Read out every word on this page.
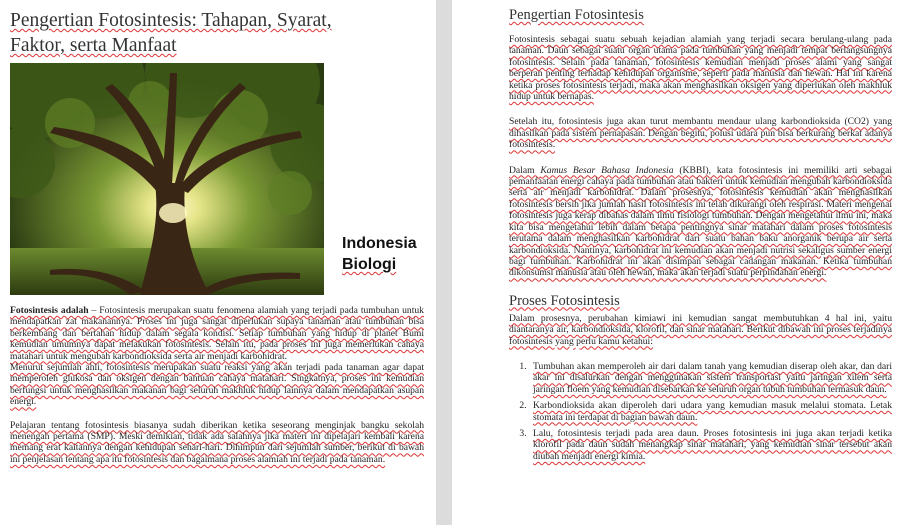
Pengertian Fotosintesis: Tahapan, Syarat,
Faktor, serta Manfaat
Indonesia
Biologi

Fotosintesis adalah – Fotosintesis merupakan suatu fenomena alamiah yang terjadi pada tumbuhan untuk mendapatkan zat makanannya. Proses ini juga sangat diperlukan supaya tanaman atau tumbuhan bisa berkembang dan bertahan hidup dalam segala kondisi. Setiap tumbuhan yang hidup di planet Bumi kemudian umumnya dapat melakukan fotosintesis. Selain itu, pada proses ini juga memerlukan cahaya matahari untuk mengubah karbondioksida serta air menjadi karbohidrat.

Menurut sejumlah ahli, fotosintesis merupakan suatu reaksi yang akan terjadi pada tanaman agar dapat memperoleh glukosa dan oksigen dengan bantuan cahaya matahari. Singkatnya, proses ini kemudian berfungsi untuk menghasilkan makanan bagi seluruh makhluk hidup lainnya dalam mendapatkan asupan energi.

Pelajaran tentang fotosintesis biasanya sudah diberikan ketika seseorang menginjak bangku sekolah menengah pertama (SMP). Meski demikian, tidak ada salahnya jika materi ini dipelajari kembali karena memang erat kaitannya dengan kehidupan sehari-hari. Dihimpun dari sejumlah sumber, berikut di bawah ini penjelasan tentang apa itu fotosintesis dan bagaimana proses alamiah ini terjadi pada tanaman.

Pengertian Fotosintesis

Fotosintesis sebagai suatu sebuah kejadian alamiah yang terjadi secara berulang-ulang pada tanaman. Daun sebagai suatu organ utama pada tumbuhan yang menjadi tempat berlangsungnya fotosintesis. Selain pada tanaman, fotosintesis kemudian menjadi proses alami yang sangat berperan penting terhadap kehidupan organisme, seperti pada manusia dan hewan. Hal ini karena ketika proses fotosintesis terjadi, maka akan menghasilkan oksigen yang diperlukan oleh makhluk hidup untuk bernapas.

Setelah itu, fotosintesis juga akan turut membantu mendaur ulang karbondioksida (CO2) yang dihasilkan pada sistem pernapasan. Dengan begitu, polusi udara pun bisa berkurang berkat adanya fotosintesis.

Dalam Kamus Besar Bahasa Indonesia (KBBI), kata fotosintesis ini memiliki arti sebagai pemanfaatan energi cahaya pada tumbuhan atau bakteri untuk kemudian mengubah karbondioksida serta air menjadi karbohidrat. Dalam prosesnya, fotosintesis kemudian akan menghasilkan fotosintesis bersih jika jumlah hasil fotosintesis ini telah dikurangi oleh respirasi. Materi mengenai fotosintesis juga kerap dibahas dalam ilmu fisiologi tumbuhan. Dengan mengetahui ilmu ini, maka kita bisa mengetahui lebih dalam betapa pentingnya sinar matahari dalam proses fotosintesis terutama dalam menghasilkan karbohidrat dari suatu bahan baku anorganik berupa air serta karbondioksida. Nantinya, karbohidrat ini kemudian akan menjadi nutrisi sekaligus sumber energi bagi tumbuhan. Karbohidrat ini akan disimpan sebagai cadangan makanan. Ketika tumbuhan dikonsumsi manusia atau oleh hewan, maka akan terjadi suatu perpindahan energi.

Proses Fotosintesis

Dalam prosesnya, perubahan kimiawi ini kemudian sangat membutuhkan 4 hal ini, yaitu diantaranya air, karbondioksida, klorofil, dan sinar matahari. Berikut dibawah ini proses terjadinya fotosintesis yang perlu kamu ketahui:

1. Tumbuhan akan memperoleh air dari dalam tanah yang kemudian diserap oleh akar, dan dari akar ini disalurkan dengan menggunakan sistem transportasi yaitu jaringan xilem serta jaringan floem yang kemudian disebarkan ke seluruh organ tubuh tumbuhan termasuk daun.
2. Karbondioksida akan diperoleh dari udara yang kemudian masuk melalui stomata. Letak stomata ini terdapat di bagian bawah daun.
3. Lalu, fotosintesis terjadi pada area daun. Proses fotosintesis ini juga akan terjadi ketika klorofil pada daun sudah menangkap sinar matahari, yang kemudian sinar tersebut akan diubah menjadi energi kimia.
